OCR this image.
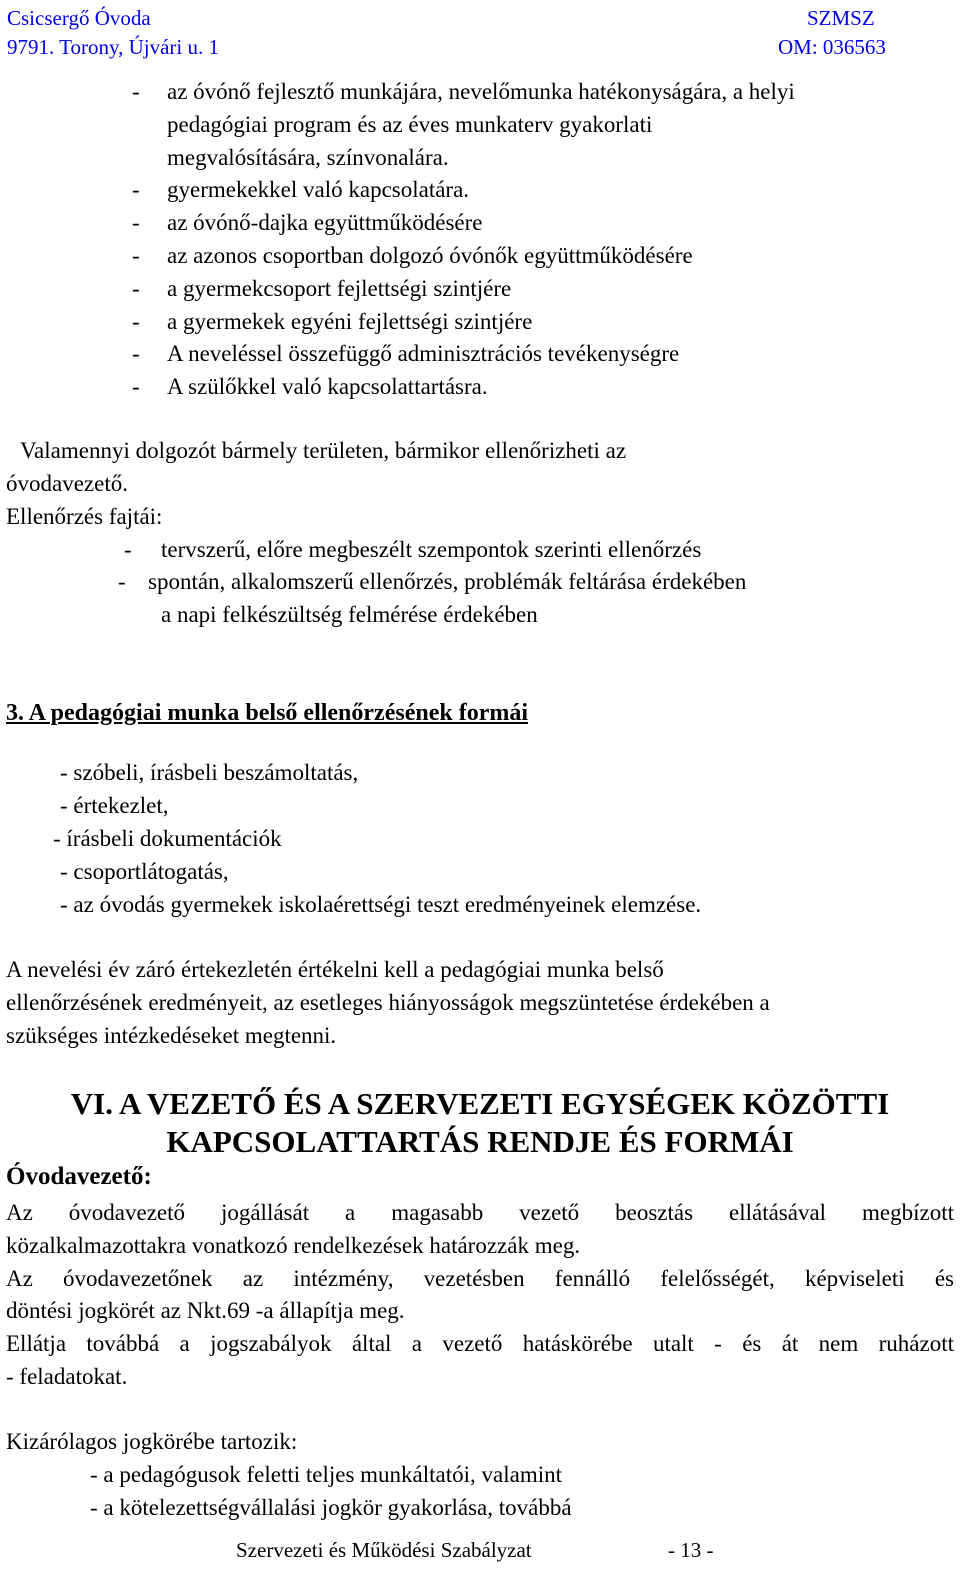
Csicsergő Óvoda
9791. Torony, Újvári u. 1
SZMSZ
OM: 036563
- az óvónő fejlesztő munkájára, nevelőmunka hatékonyságára, a helyi
pedagógiai program és az éves munkaterv gyakorlati
megvalósítására, színvonalára.
- gyermekekkel való kapcsolatára.
- az óvónő-dajka együttműködésére
- az azonos csoportban dolgozó óvónők együttműködésére
- a gyermekcsoport fejlettségi szintjére
- a gyermekek egyéni fejlettségi szintjére
- A neveléssel összefüggő adminisztrációs tevékenységre
- A szülőkkel való kapcsolattartásra.
Valamennyi dolgozót bármely területen, bármikor ellenőrizheti az
óvodavezető.
Ellenőrzés fajtái:
- tervszerű, előre megbeszélt szempontok szerinti ellenőrzés
- spontán, alkalomszerű ellenőrzés, problémák feltárása érdekében
a napi felkészültség felmérése érdekében
3. A pedagógiai munka belső ellenőrzésének formái
- szóbeli, írásbeli beszámoltatás,
- értekezlet,
- írásbeli dokumentációk
- csoportlátogatás,
- az óvodás gyermekek iskolaérettségi teszt eredményeinek elemzése.
A nevelési év záró értekezletén értékelni kell a pedagógiai munka belső
ellenőrzésének eredményeit, az esetleges hiányosságok megszüntetése érdekében a
szükséges intézkedéseket megtenni.
VI. A VEZETŐ ÉS A SZERVEZETI EGYSÉGEK KÖZÖTTI
KAPCSOLATTARTÁS RENDJE ÉS FORMÁI
Óvodavezető:
Az óvodavezető jogállását a magasabb vezető beosztás ellátásával megbízott
közalkalmazottakra vonatkozó rendelkezések határozzák meg.
Az óvodavezetőnek az intézmény, vezetésben fennálló felelősségét, képviseleti és
döntési jogkörét az Nkt.69 -a állapítja meg.
Ellátja továbbá a jogszabályok által a vezető hatáskörébe utalt - és át nem ruházott
- feladatokat.
Kizárólagos jogkörébe tartozik:
- a pedagógusok feletti teljes munkáltatói, valamint
- a kötelezettségvállalási jogkör gyakorlása, továbbá
Szervezeti és Működési Szabályzat	- 13 -
